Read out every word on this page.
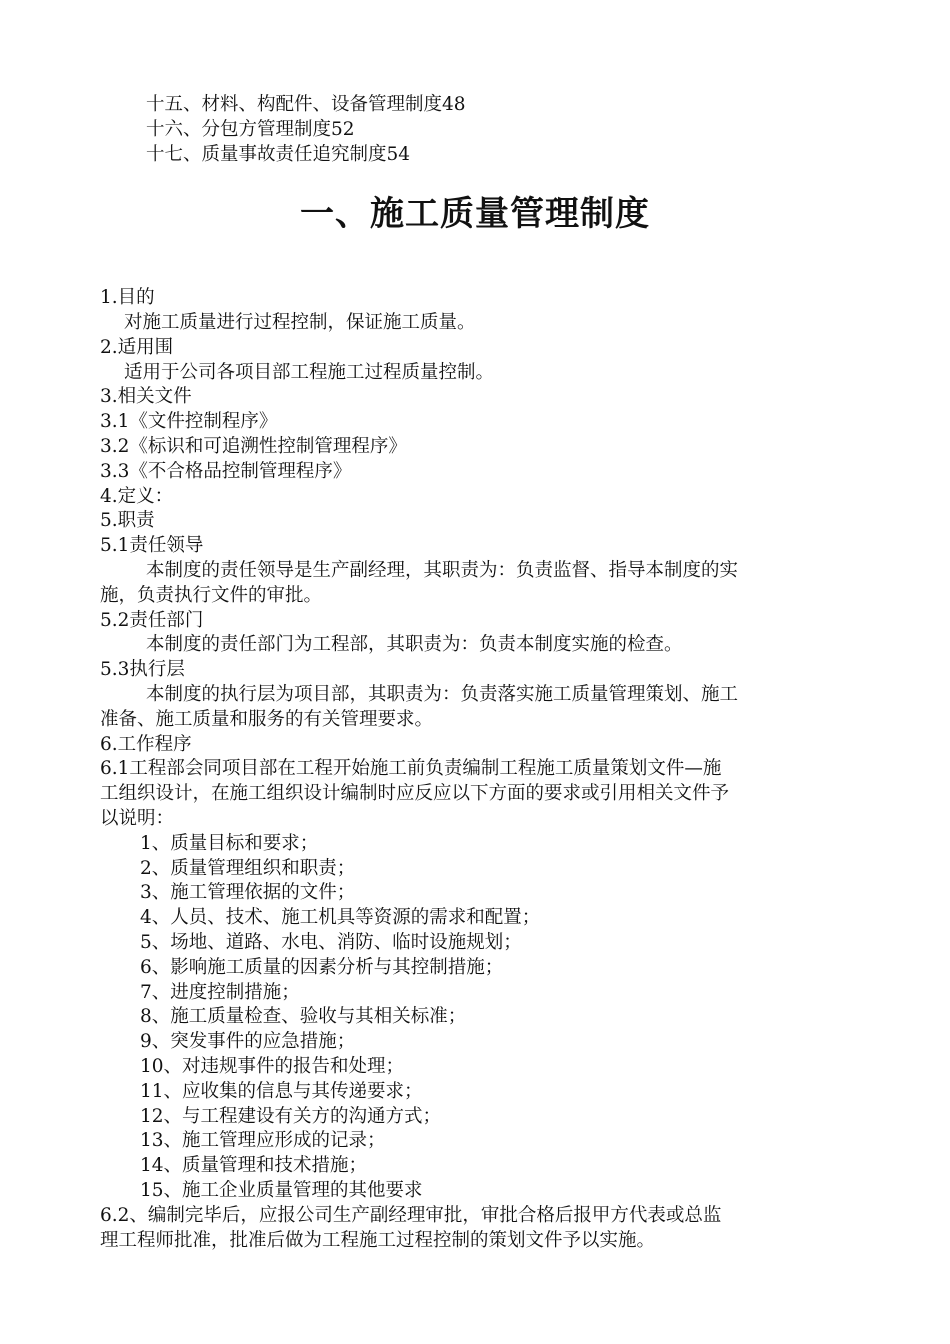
十五、材料、构配件、设备管理制度48
十六、分包方管理制度52
十七、质量事故责任追究制度54
一、施工质量管理制度
1.目的
对施工质量进行过程控制，保证施工质量。
2.适用围
适用于公司各项目部工程施工过程质量控制。
3.相关文件
3.1《文件控制程序》
3.2《标识和可追溯性控制管理程序》
3.3《不合格品控制管理程序》
4.定义：
5.职责
5.1责任领导
本制度的责任领导是生产副经理，其职责为：负责监督、指导本制度的实
施，负责执行文件的审批。
5.2责任部门
本制度的责任部门为工程部，其职责为：负责本制度实施的检查。
5.3执行层
本制度的执行层为项目部，其职责为：负责落实施工质量管理策划、施工
准备、施工质量和服务的有关管理要求。
6.工作程序
6.1工程部会同项目部在工程开始施工前负责编制工程施工质量策划文件—施
工组织设计，在施工组织设计编制时应反应以下方面的要求或引用相关文件予
以说明：
1、质量目标和要求；
2、质量管理组织和职责；
3、施工管理依据的文件；
4、人员、技术、施工机具等资源的需求和配置；
5、场地、道路、水电、消防、临时设施规划；
6、影响施工质量的因素分析与其控制措施；
7、进度控制措施；
8、施工质量检查、验收与其相关标准；
9、突发事件的应急措施；
10、对违规事件的报告和处理；
11、应收集的信息与其传递要求；
12、与工程建设有关方的沟通方式；
13、施工管理应形成的记录；
14、质量管理和技术措施；
15、施工企业质量管理的其他要求
6.2、编制完毕后，应报公司生产副经理审批，审批合格后报甲方代表或总监
理工程师批准，批准后做为工程施工过程控制的策划文件予以实施。
